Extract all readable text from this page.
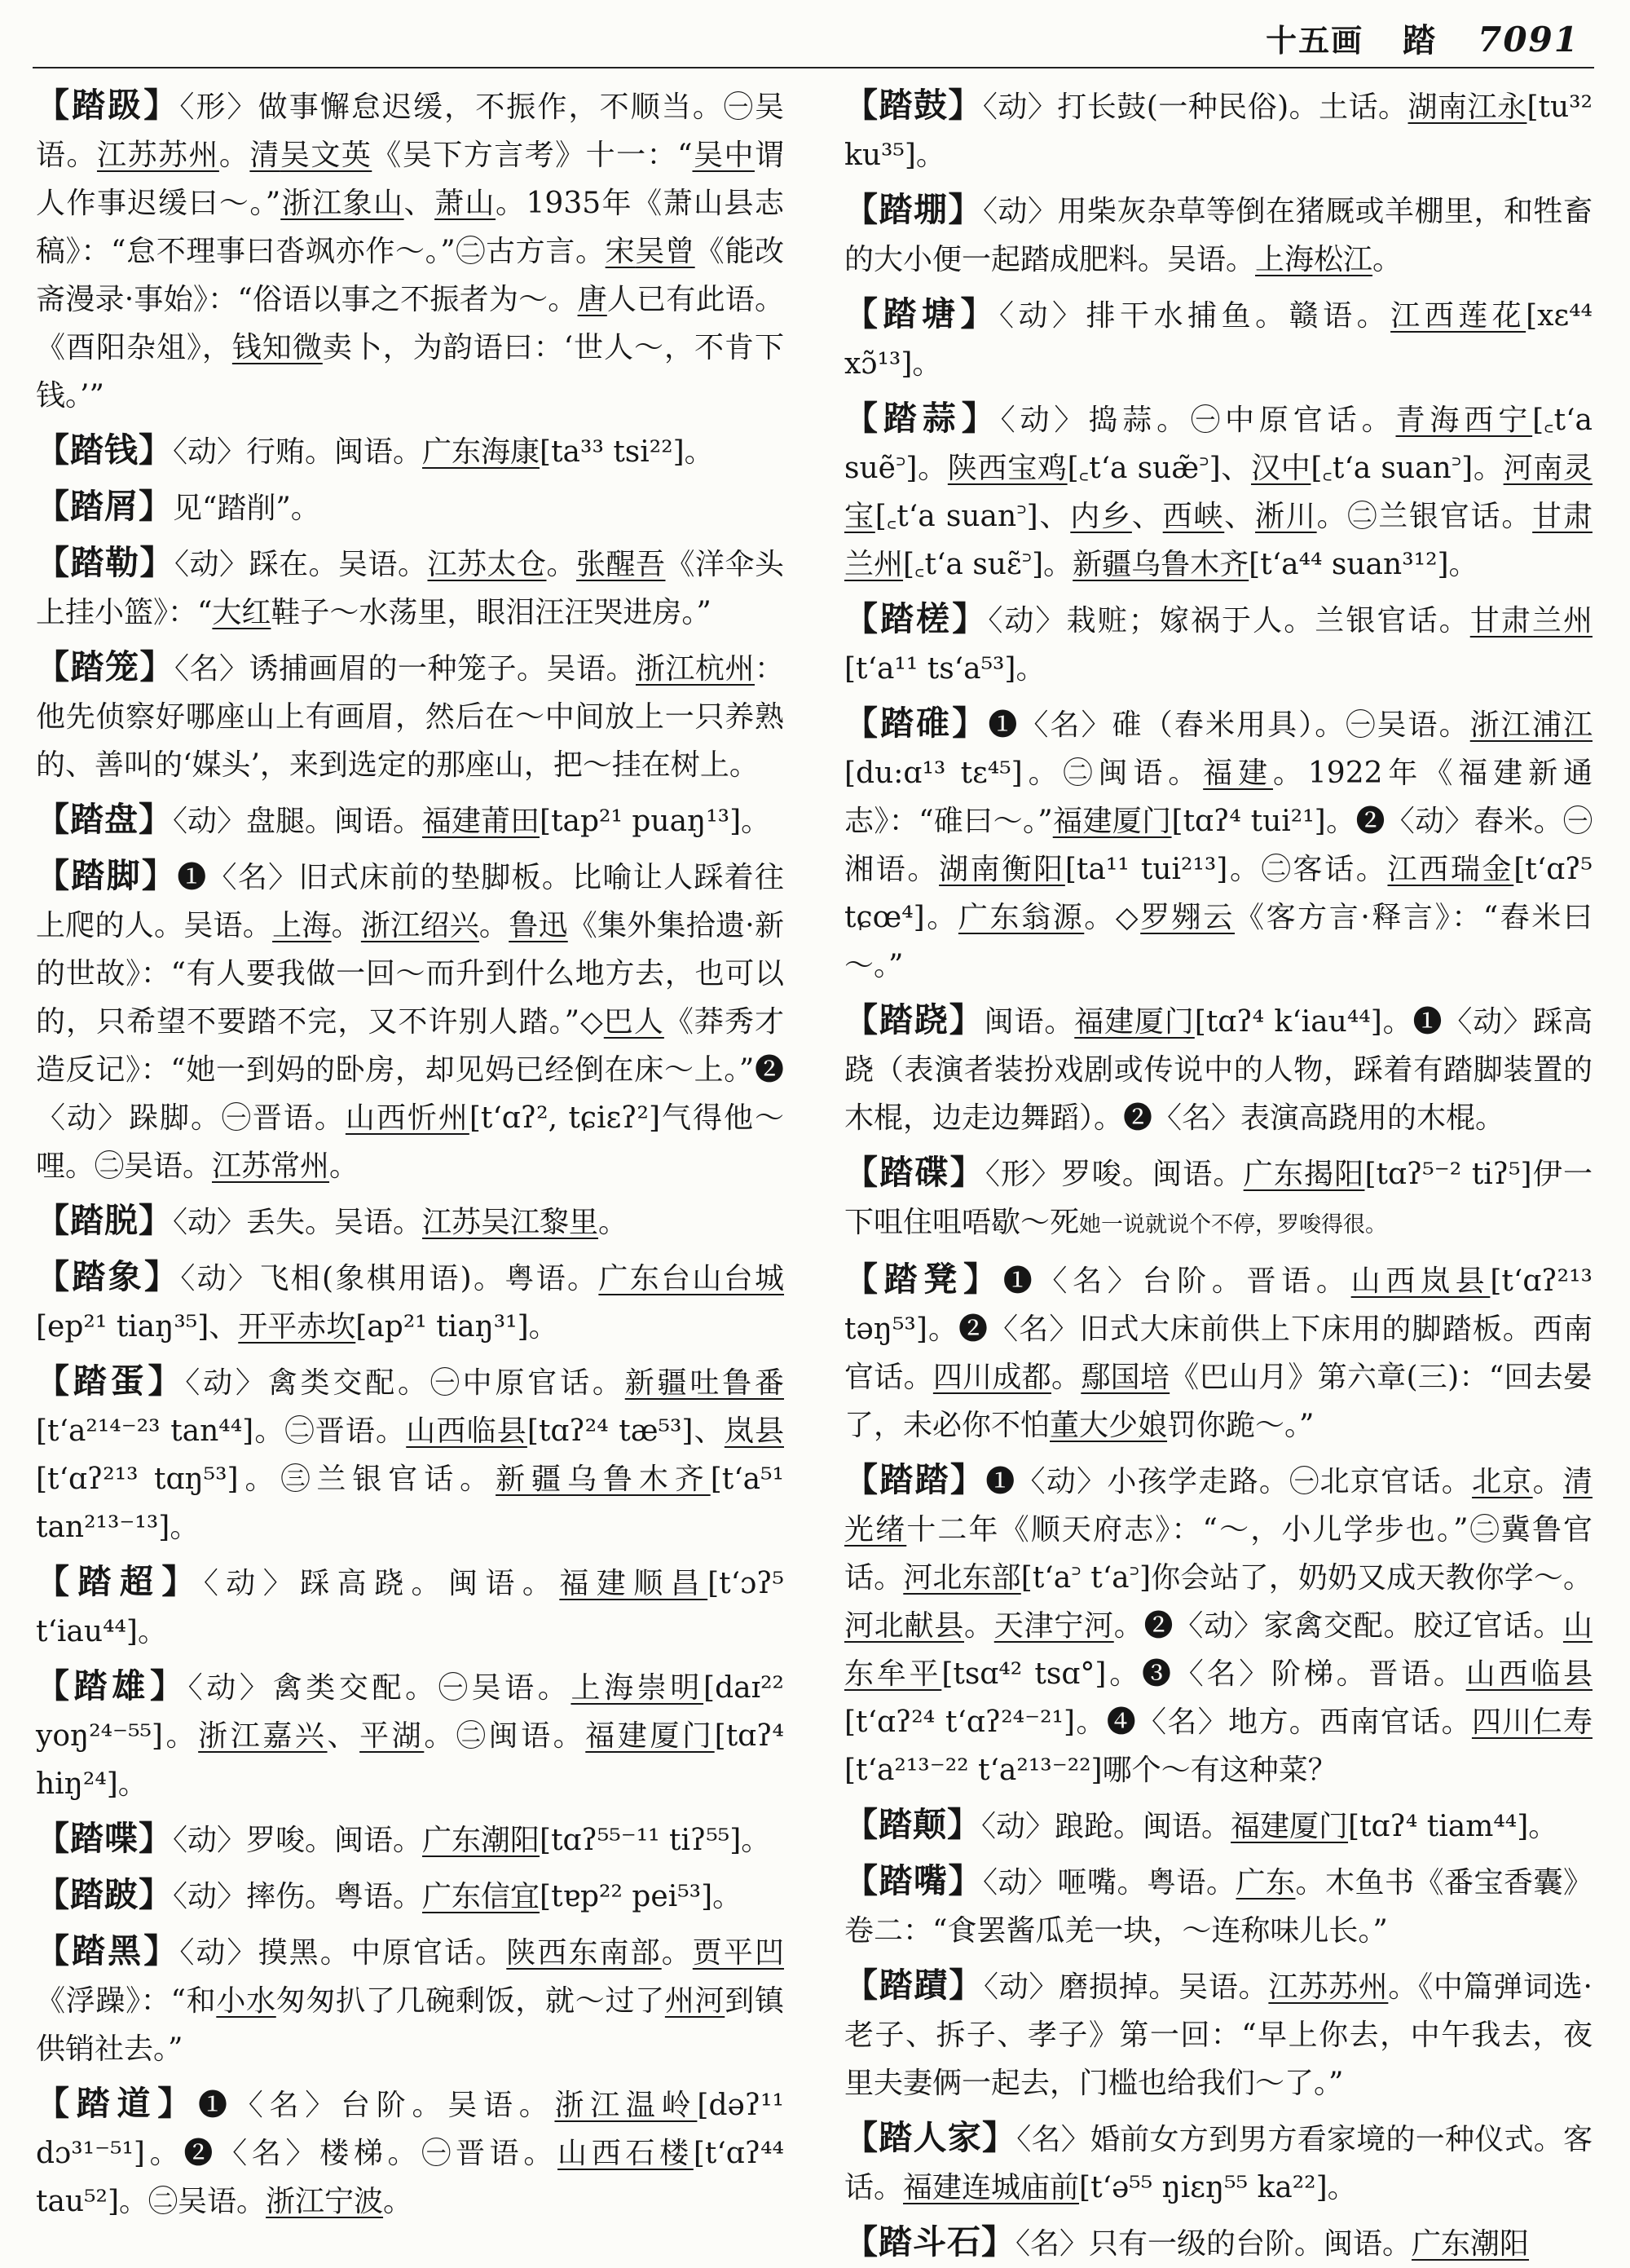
十五画 踏 7091

【踏趿】〈形〉做事懈怠迟缓，不振作，不顺当。㊀吴语。江苏苏州。清吴文英《吴下方言考》十一：“吴中谓人作事迟缓曰～。”浙江象山、萧山。1935年《萧山县志稿》：“怠不理事曰沓飒亦作～。”㊁古方言。宋吴曾《能改斋漫录·事始》：“俗语以事之不振者为～。唐人已有此语。《酉阳杂俎》，钱知微卖卜，为韵语曰：‘世人～，不肯下钱。’”

【踏钱】〈动〉行贿。闽语。广东海康[ta³³ tsi²²]。

【踏屑】见“踏削”。

【踏勒】〈动〉踩在。吴语。江苏太仓。张醒吾《洋伞头上挂小篮》：“大红鞋子～水荡里，眼泪汪汪哭进房。”

【踏笼】〈名〉诱捕画眉的一种笼子。吴语。浙江杭州：他先侦察好哪座山上有画眉，然后在～中间放上一只养熟的、善叫的‘媒头’，来到选定的那座山，把～挂在树上。

【踏盘】〈动〉盘腿。闽语。福建莆田[tap²¹ puaŋ¹³]。

【踏脚】❶〈名〉旧式床前的垫脚板。比喻让人踩着往上爬的人。吴语。上海。浙江绍兴。鲁迅《集外集拾遗·新的世故》：“有人要我做一回～而升到什么地方去，也可以的，只希望不要踏不完，又不许别人踏。”◇巴人《莽秀才造反记》：“她一到妈的卧房，却见妈已经倒在床～上。”❷〈动〉跺脚。㊀晋语。山西忻州[tʻɑʔ², tɕiɛʔ²]气得他～哩。㊁吴语。江苏常州。

【踏脱】〈动〉丢失。吴语。江苏吴江黎里。

【踏象】〈动〉飞相(象棋用语)。粤语。广东台山台城[ep²¹ tiaŋ³⁵]、开平赤坎[ap²¹ tiaŋ³¹]。

【踏蛋】〈动〉禽类交配。㊀中原官话。新疆吐鲁番[tʻa²¹⁴⁻²³ tan⁴⁴]。㊁晋语。山西临县[tɑʔ²⁴ tæ⁵³]、岚县[tʻɑʔ²¹³ tɑŋ⁵³]。㊂兰银官话。新疆乌鲁木齐[tʻa⁵¹ tan²¹³⁻¹³]。

【踏超】〈动〉踩高跷。闽语。福建顺昌[tʻɔʔ⁵ tʻiau⁴⁴]。

【踏雄】〈动〉禽类交配。㊀吴语。上海崇明[daɪ²² yoŋ²⁴⁻⁵⁵]。浙江嘉兴、平湖。㊁闽语。福建厦门[tɑʔ⁴ hiŋ²⁴]。

【踏喋】〈动〉罗唆。闽语。广东潮阳[tɑʔ⁵⁵⁻¹¹ tiʔ⁵⁵]。

【踏跛】〈动〉摔伤。粤语。广东信宜[tɐp²² pei⁵³]。

【踏黑】〈动〉摸黑。中原官话。陕西东南部。贾平凹《浮躁》：“和小水匆匆扒了几碗剩饭，就～过了州河到镇供销社去。”

【踏道】❶〈名〉台阶。吴语。浙江温岭[dəʔ¹¹ dɔ³¹⁻⁵¹]。❷〈名〉楼梯。㊀晋语。山西石楼[tʻɑʔ⁴⁴ tau⁵²]。㊁吴语。浙江宁波。

【踏鼓】〈动〉打长鼓(一种民俗)。土话。湖南江永[tu³² ku³⁵]。

【踏堋】〈动〉用柴灰杂草等倒在猪厩或羊棚里，和牲畜的大小便一起踏成肥料。吴语。上海松江。

【踏塘】〈动〉排干水捕鱼。赣语。江西莲花[xɛ⁴⁴ xɔ̃¹³]。

【踏蒜】〈动〉捣蒜。㊀中原官话。青海西宁[꜀tʻa suẽ꜄]。陕西宝鸡[꜀tʻa suæ̃꜄]、汉中[꜀tʻa suan꜄]。河南灵宝[꜀tʻa suan꜄]、内乡、西峡、淅川。㊁兰银官话。甘肃兰州[꜀tʻa suɛ̃꜄]。新疆乌鲁木齐[tʻa⁴⁴ suan³¹²]。

【踏槎】〈动〉栽赃；嫁祸于人。兰银官话。甘肃兰州[tʻa¹¹ tsʻa⁵³]。

【踏碓】❶〈名〉碓（舂米用具）。㊀吴语。浙江浦江[du:ɑ¹³ tɛ⁴⁵]。㊁闽语。福建。1922年《福建新通志》：“碓曰～。”福建厦门[tɑʔ⁴ tui²¹]。❷〈动〉舂米。㊀湘语。湖南衡阳[ta¹¹ tui²¹³]。㊁客话。江西瑞金[tʻɑʔ⁵ tɕœ⁴]。广东翁源。◇罗翙云《客方言·释言》：“舂米曰～。”

【踏跷】闽语。福建厦门[tɑʔ⁴ kʻiau⁴⁴]。❶〈动〉踩高跷（表演者装扮戏剧或传说中的人物，踩着有踏脚装置的木棍，边走边舞蹈）。❷〈名〉表演高跷用的木棍。

【踏碟】〈形〉罗唆。闽语。广东揭阳[tɑʔ⁵⁻² tiʔ⁵]伊一下咀住咀唔歇～死她一说就说个不停，罗唆得很。

【踏凳】❶〈名〉台阶。晋语。山西岚县[tʻɑʔ²¹³ təŋ⁵³]。❷〈名〉旧式大床前供上下床用的脚踏板。西南官话。四川成都。鄢国培《巴山月》第六章(三)：“回去晏了，未必你不怕董大少娘罚你跪～。”

【踏踏】❶〈动〉小孩学走路。㊀北京官话。北京。清光绪十二年《顺天府志》：“～，小儿学步也。”㊁冀鲁官话。河北东部[tʻa꜄ tʻa꜄]你会站了，奶奶又成天教你学～。河北献县。天津宁河。❷〈动〉家禽交配。胶辽官话。山东牟平[tsɑ⁴² tsɑ°]。❸〈名〉阶梯。晋语。山西临县[tʻɑʔ²⁴ tʻɑʔ²⁴⁻²¹]。❹〈名〉地方。西南官话。四川仁寿[tʻa²¹³⁻²² tʻa²¹³⁻²²]哪个～有这种菜？

【踏颠】〈动〉踉跄。闽语。福建厦门[tɑʔ⁴ tiam⁴⁴]。

【踏嘴】〈动〉咂嘴。粤语。广东。木鱼书《番宝香囊》卷二：“食罢酱瓜羌一块，～连称味儿长。”

【踏蹟】〈动〉磨损掉。吴语。江苏苏州。《中篇弹词选·老子、拆子、孝子》第一回：“早上你去，中午我去，夜里夫妻俩一起去，门槛也给我们～了。”

【踏人家】〈名〉婚前女方到男方看家境的一种仪式。客话。福建连城庙前[tʻə⁵⁵ ŋiɛŋ⁵⁵ ka²²]。

【踏斗石】〈名〉只有一级的台阶。闽语。广东潮阳
